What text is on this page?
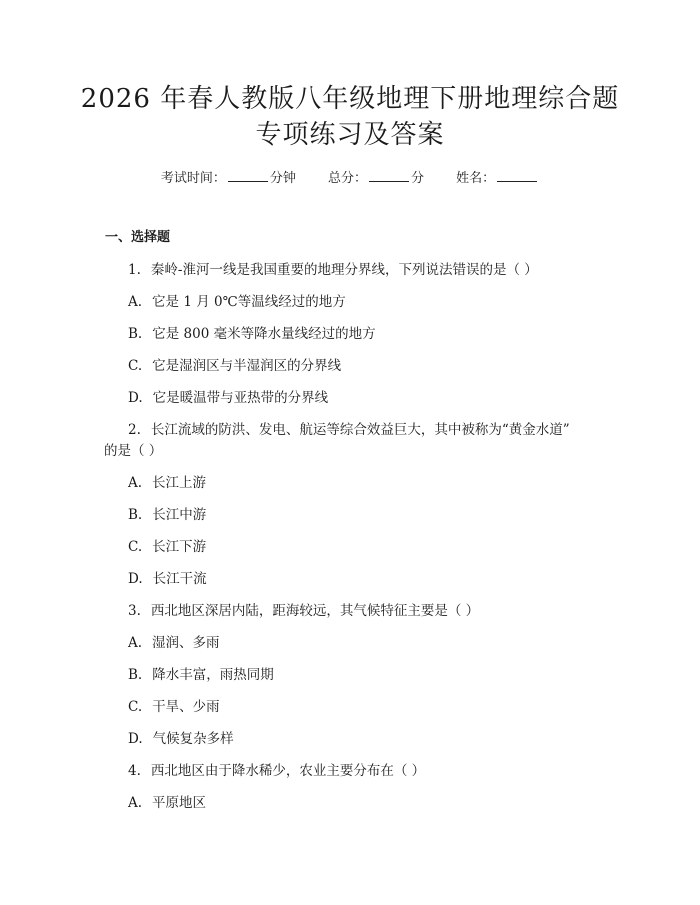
2026 年春人教版八年级地理下册地理综合题
专项练习及答案
考试时间：	分钟 总分：	分 姓名：
一、选择题
1. 秦岭-淮河一线是我国重要的地理分界线，下列说法错误的是（ ）
A. 它是 1 月 0℃等温线经过的地方
B. 它是 800 毫米等降水量线经过的地方
C. 它是湿润区与半湿润区的分界线
D. 它是暖温带与亚热带的分界线
2. 长江流域的防洪、发电、航运等综合效益巨大，其中被称为“黄金水道”
的是（ ）
A. 长江上游
B. 长江中游
C. 长江下游
D. 长江干流
3. 西北地区深居内陆，距海较远，其气候特征主要是（ ）
A. 湿润、多雨
B. 降水丰富，雨热同期
C. 干旱、少雨
D. 气候复杂多样
4. 西北地区由于降水稀少，农业主要分布在（ ）
A. 平原地区
